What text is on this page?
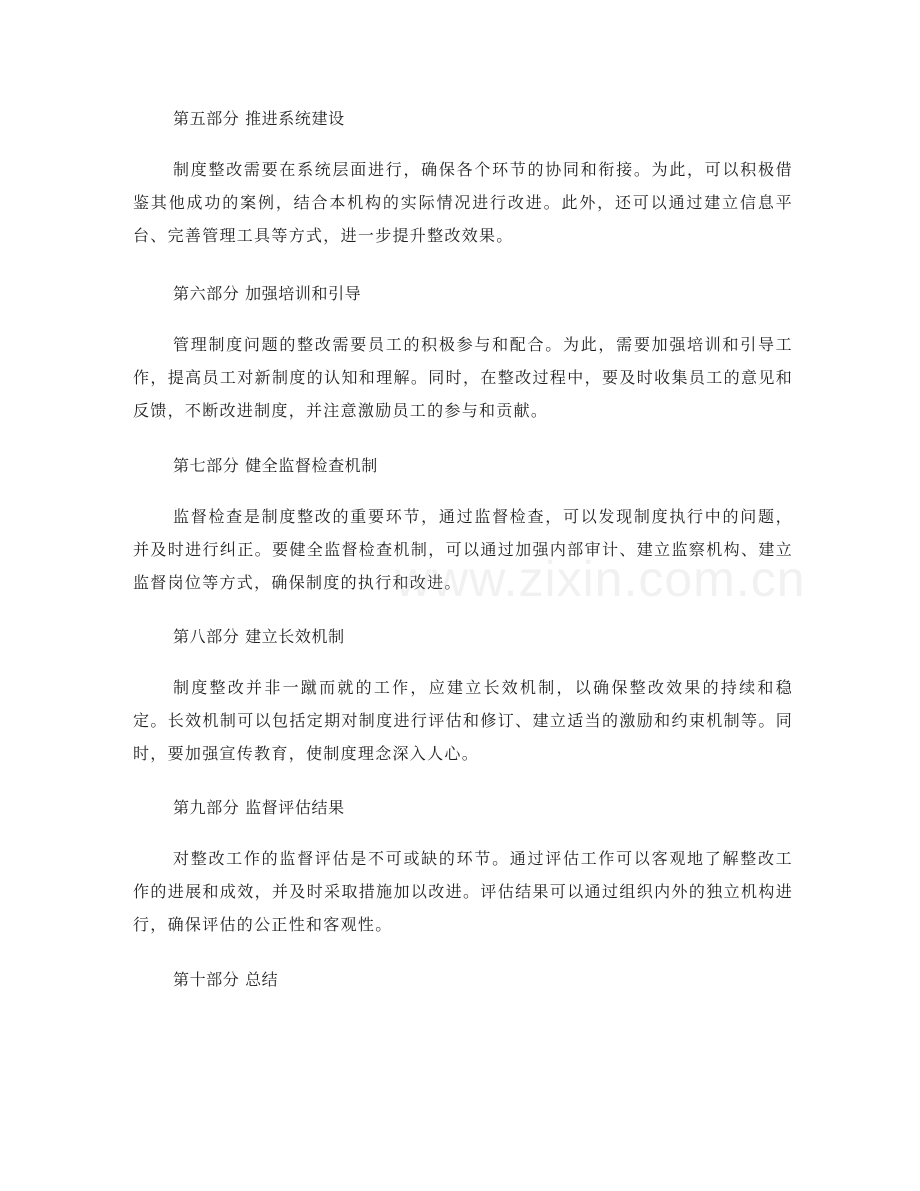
第五部分 推进系统建设
制度整改需要在系统层面进行，确保各个环节的协同和衔接。为此，可以积极借鉴其他成功的案例，结合本机构的实际情况进行改进。此外，还可以通过建立信息平台、完善管理工具等方式，进一步提升整改效果。
第六部分 加强培训和引导
管理制度问题的整改需要员工的积极参与和配合。为此，需要加强培训和引导工作，提高员工对新制度的认知和理解。同时，在整改过程中，要及时收集员工的意见和反馈，不断改进制度，并注意激励员工的参与和贡献。
第七部分 健全监督检查机制
监督检查是制度整改的重要环节，通过监督检查，可以发现制度执行中的问题，并及时进行纠正。要健全监督检查机制，可以通过加强内部审计、建立监察机构、建立监督岗位等方式，确保制度的执行和改进。
第八部分 建立长效机制
制度整改并非一蹴而就的工作，应建立长效机制，以确保整改效果的持续和稳定。长效机制可以包括定期对制度进行评估和修订、建立适当的激励和约束机制等。同时，要加强宣传教育，使制度理念深入人心。
第九部分 监督评估结果
对整改工作的监督评估是不可或缺的环节。通过评估工作可以客观地了解整改工作的进展和成效，并及时采取措施加以改进。评估结果可以通过组织内外的独立机构进行，确保评估的公正性和客观性。
第十部分 总结
www.zixin.com.cn
